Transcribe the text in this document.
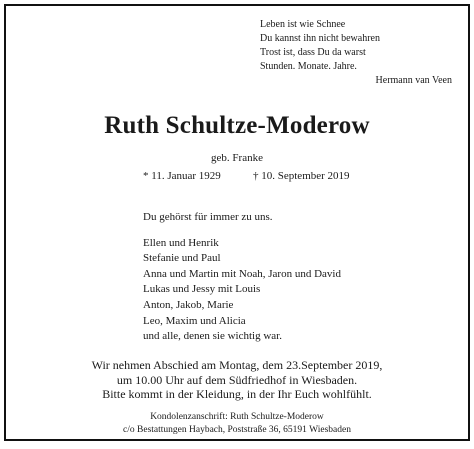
Leben ist wie Schnee
Du kannst ihn nicht bewahren
Trost ist, dass Du da warst
Stunden. Monate. Jahre.
Hermann van Veen
Ruth Schultze-Moderow
geb. Franke
* 11. Januar 1929	† 10. September 2019
Du gehörst für immer zu uns.
Ellen und Henrik
Stefanie und Paul
Anna und Martin mit Noah, Jaron und David
Lukas und Jessy mit Louis
Anton, Jakob, Marie
Leo, Maxim und Alicia
und alle, denen sie wichtig war.
Wir nehmen Abschied am Montag, dem 23.September 2019,
um 10.00 Uhr auf dem Südfriedhof in Wiesbaden.
Bitte kommt in der Kleidung, in der Ihr Euch wohlfühlt.
Kondolenzanschrift: Ruth Schultze-Moderow
c/o Bestattungen Haybach, Poststraße 36, 65191 Wiesbaden
